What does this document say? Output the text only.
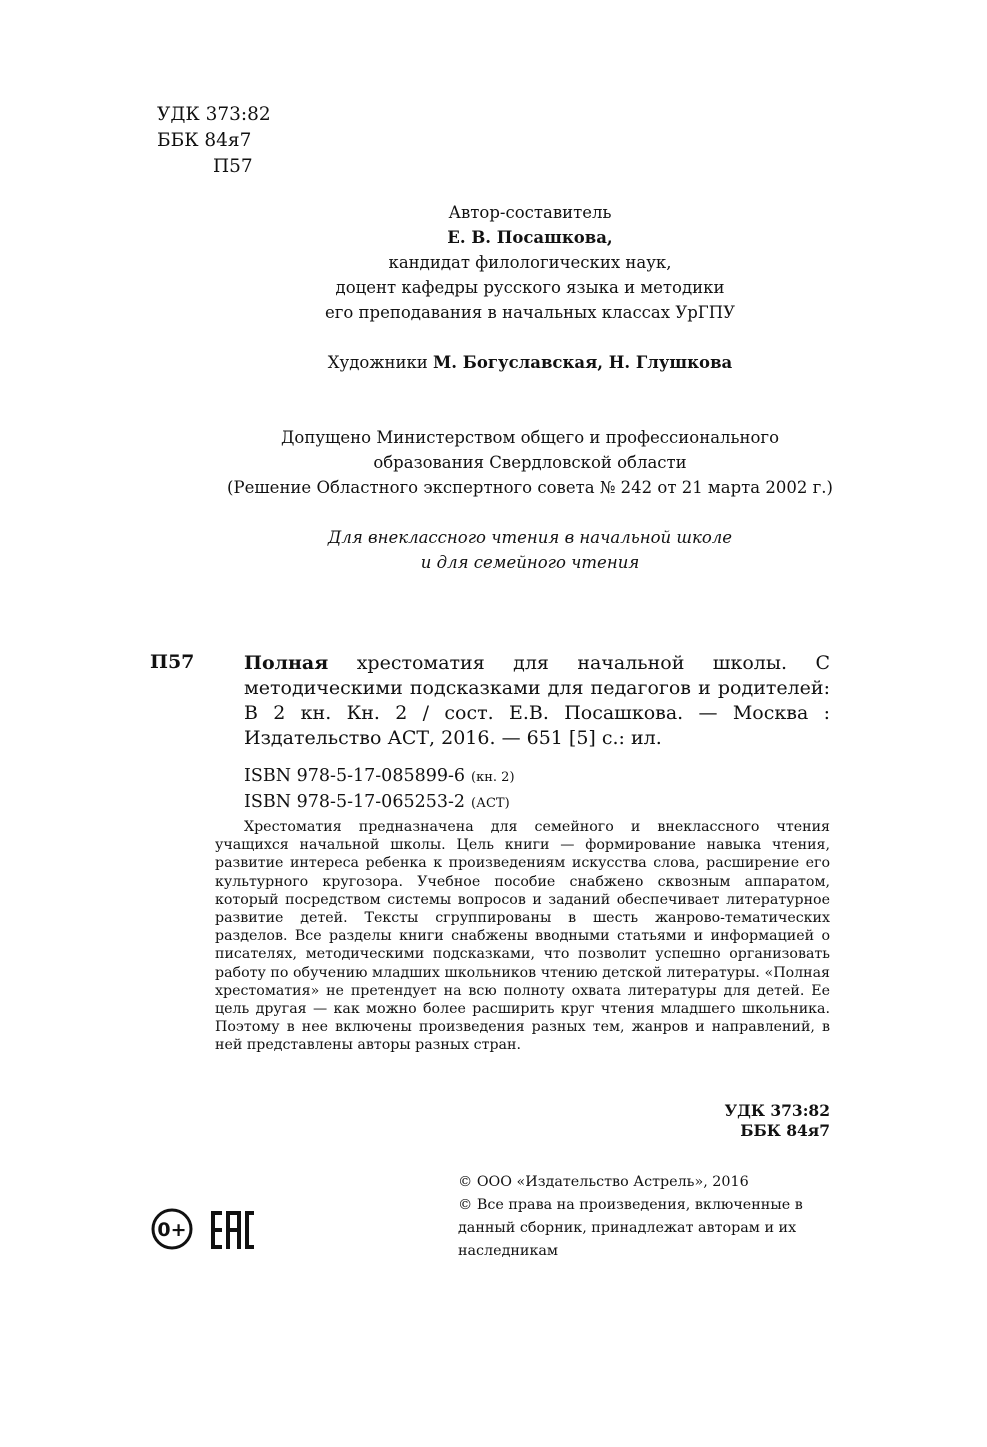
УДК 373:82
ББК 84я7
П57
Автор-составитель
Е. В. Посашкова,
кандидат филологических наук,
доцент кафедры русского языка и методики
его преподавания в начальных классах УрГПУ
Художники М. Богуславская, Н. Глушкова
Допущено Министерством общего и профессионального
образования Свердловской области
(Решение Областного экспертного совета № 242 от 21 марта 2002 г.)
Для внеклассного чтения в начальной школе
и для семейного чтения
П57	Полная хрестоматия для начальной школы. С методическими подсказками для педагогов и родителей: В 2 кн. Кн. 2 / сост. Е.В. Посашкова. — Москва : Издательство АСТ, 2016. — 651 [5] с.: ил.
ISBN 978-5-17-085899-6 (кн. 2)
ISBN 978-5-17-065253-2 (АСТ)

Хрестоматия предназначена для семейного и внеклассного чтения учащихся начальной школы. Цель книги — формирование навыка чтения, развитие интереса ребенка к произведениям искусства слова, расширение его культурного кругозора. Учебное пособие снабжено сквозным аппаратом, который посредством системы вопросов и заданий обеспечивает литературное развитие детей. Тексты сгруппированы в шесть жанрово-тематических разделов. Все разделы книги снабжены вводными статьями и информацией о писателях, методическими подсказками, что позволит успешно организовать работу по обучению младших школьников чтению детской литературы. «Полная хрестоматия» не претендует на всю полноту охвата литературы для детей. Ее цель другая — как можно более расширить круг чтения младшего школьника. Поэтому в нее включены произведения разных тем, жанров и направлений, в ней представлены авторы разных стран.

УДК 373:82
ББК 84я7
0+

© ООО «Издательство Астрель», 2016

© Все права на произведения, включенные в данный сборник, принадлежат авторам и их наследникам
